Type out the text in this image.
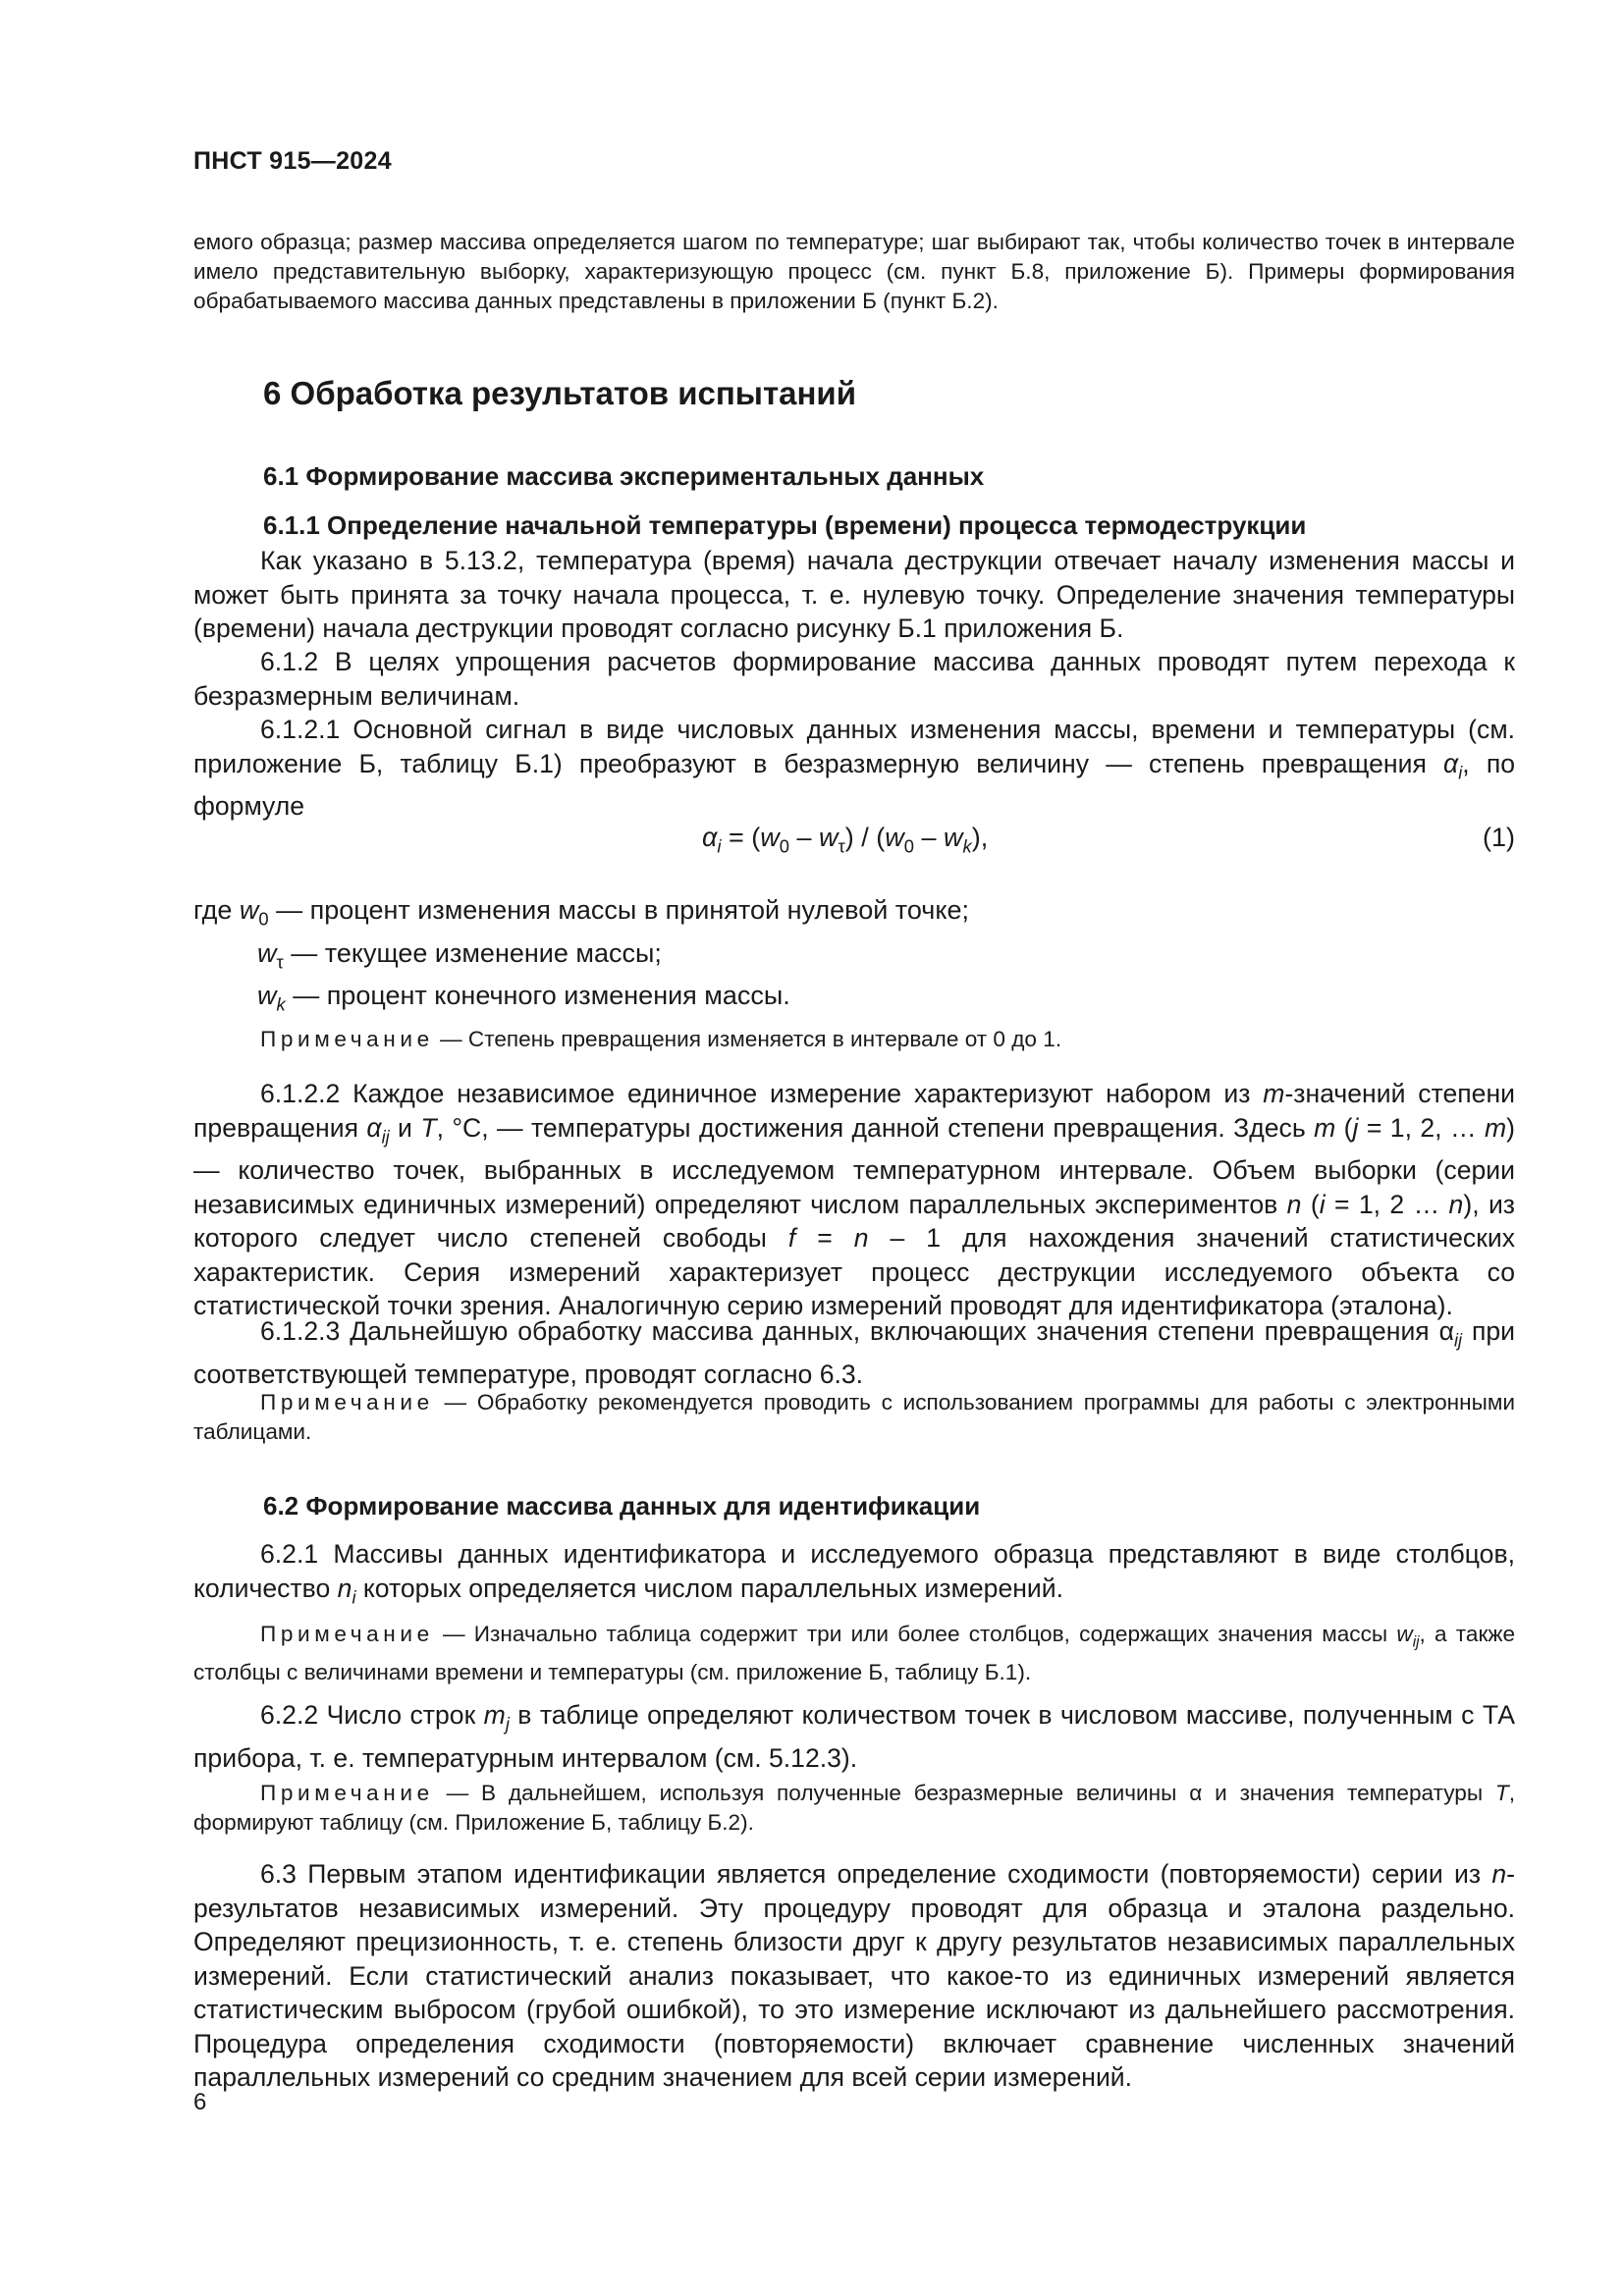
ПНСТ 915—2024
емого образца; размер массива определяется шагом по температуре; шаг выбирают так, чтобы количество точек в интервале имело представительную выборку, характеризующую процесс (см. пункт Б.8, приложение Б). Примеры формирования обрабатываемого массива данных представлены в приложении Б (пункт Б.2).
6 Обработка результатов испытаний
6.1 Формирование массива экспериментальных данных
6.1.1 Определение начальной температуры (времени) процесса термодеструкции
Как указано в 5.13.2, температура (время) начала деструкции отвечает началу изменения массы и может быть принята за точку начала процесса, т. е. нулевую точку. Определение значения температуры (времени) начала деструкции проводят согласно рисунку Б.1 приложения Б.
6.1.2 В целях упрощения расчетов формирование массива данных проводят путем перехода к безразмерным величинам.
6.1.2.1 Основной сигнал в виде числовых данных изменения массы, времени и температуры (см. приложение Б, таблицу Б.1) преобразуют в безразмерную величину — степень превращения $\alpha_i$, по формуле
$\alpha_i = (w_0 - w_\tau) / (w_0 - w_k)$,	(1)
где $w_0$ — процент изменения массы в принятой нулевой точке;
$w_\tau$ — текущее изменение массы;
$w_k$ — процент конечного изменения массы.
Примечание — Степень превращения изменяется в интервале от 0 до 1.
6.1.2.2 Каждое независимое единичное измерение характеризуют набором из m-значений степени превращения $\alpha_{ij}$ и T, °С, — температуры достижения данной степени превращения. Здесь m (j = 1, 2, … m) — количество точек, выбранных в исследуемом температурном интервале. Объем выборки (серии независимых единичных измерений) определяют числом параллельных экспериментов n (i = 1, 2 … n), из которого следует число степеней свободы f = n – 1 для нахождения значений статистических характеристик. Серия измерений характеризует процесс деструкции исследуемого объекта со статистической точки зрения. Аналогичную серию измерений проводят для идентификатора (эталона).
6.1.2.3 Дальнейшую обработку массива данных, включающих значения степени превращения $\alpha_{ij}$ при соответствующей температуре, проводят согласно 6.3.
Примечание — Обработку рекомендуется проводить с использованием программы для работы с электронными таблицами.
6.2 Формирование массива данных для идентификации
6.2.1 Массивы данных идентификатора и исследуемого образца представляют в виде столбцов, количество $n_i$ которых определяется числом параллельных измерений.
Примечание — Изначально таблица содержит три или более столбцов, содержащих значения массы $w_{ij}$, а также столбцы с величинами времени и температуры (см. приложение Б, таблицу Б.1).
6.2.2 Число строк $m_j$ в таблице определяют количеством точек в числовом массиве, полученным с ТА прибора, т. е. температурным интервалом (см. 5.12.3).
Примечание — В дальнейшем, используя полученные безразмерные величины α и значения температуры T, формируют таблицу (см. Приложение Б, таблицу Б.2).
6.3 Первым этапом идентификации является определение сходимости (повторяемости) серии из n-результатов независимых измерений. Эту процедуру проводят для образца и эталона раздельно. Определяют прецизионность, т. е. степень близости друг к другу результатов независимых параллельных измерений. Если статистический анализ показывает, что какое-то из единичных измерений является статистическим выбросом (грубой ошибкой), то это измерение исключают из дальнейшего рассмотрения. Процедура определения сходимости (повторяемости) включает сравнение численных значений параллельных измерений со средним значением для всей серии измерений.
6
